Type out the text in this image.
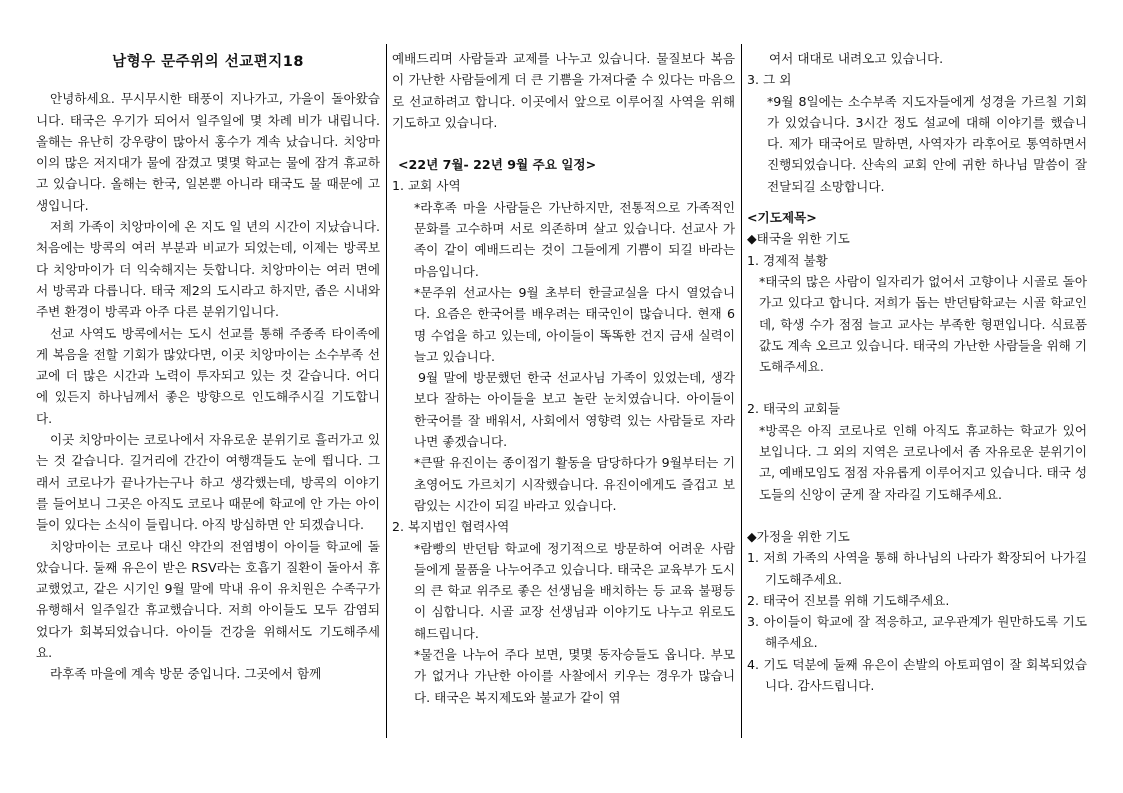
남형우 문주위의 선교편지18

안녕하세요. 무시무시한 태풍이 지나가고, 가을이 돌아왔습니다. 태국은 우기가 되어서 일주일에 몇 차례 비가 내립니다. 올해는 유난히 강우량이 많아서 홍수가 계속 났습니다. 치앙마이의 많은 저지대가 물에 잠겼고 몇몇 학교는 물에 잠겨 휴교하고 있습니다. 올해는 한국, 일본뿐 아니라 태국도 물 때문에 고생입니다.

저희 가족이 치앙마이에 온 지도 일 년의 시간이 지났습니다. 처음에는 방콕의 여러 부분과 비교가 되었는데, 이제는 방콕보다 치앙마이가 더 익숙해지는 듯합니다. 치앙마이는 여러 면에서 방콕과 다릅니다. 태국 제2의 도시라고 하지만, 좁은 시내와 주변 환경이 방콕과 아주 다른 분위기입니다.

선교 사역도 방콕에서는 도시 선교를 통해 주종족 타이족에게 복음을 전할 기회가 많았다면, 이곳 치앙마이는 소수부족 선교에 더 많은 시간과 노력이 투자되고 있는 것 같습니다. 어디에 있든지 하나님께서 좋은 방향으로 인도해주시길 기도합니다.

이곳 치앙마이는 코로나에서 자유로운 분위기로 흘러가고 있는 것 같습니다. 길거리에 간간이 여행객들도 눈에 띕니다. 그래서 코로나가 끝나가는구나 하고 생각했는데, 방콕의 이야기를 들어보니 그곳은 아직도 코로나 때문에 학교에 안 가는 아이들이 있다는 소식이 들립니다. 아직 방심하면 안 되겠습니다.

치앙마이는 코로나 대신 약간의 전염병이 아이들 학교에 돌았습니다. 둘째 유은이 받은 RSV라는 호흡기 질환이 돌아서 휴교했었고, 같은 시기인 9월 말에 막내 유이 유치원은 수족구가 유행해서 일주일간 휴교했습니다. 저희 아이들도 모두 감염되었다가 회복되었습니다. 아이들 건강을 위해서도 기도해주세요.

라후족 마을에 계속 방문 중입니다. 그곳에서 함께

예배드리며 사람들과 교제를 나누고 있습니다. 물질보다 복음이 가난한 사람들에게 더 큰 기쁨을 가져다줄 수 있다는 마음으로 선교하려고 합니다. 이곳에서 앞으로 이루어질 사역을 위해 기도하고 있습니다.

<22년 7월- 22년 9월 주요 일정>

1. 교회 사역

*라후족 마을 사람들은 가난하지만, 전통적으로 가족적인 문화를 고수하며 서로 의존하며 살고 있습니다. 선교사 가족이 같이 예배드리는 것이 그들에게 기쁨이 되길 바라는 마음입니다.

*문주위 선교사는 9월 초부터 한글교실을 다시 열었습니다. 요즘은 한국어를 배우려는 태국인이 많습니다. 현재 6명 수업을 하고 있는데, 아이들이 똑똑한 건지 금새 실력이 늘고 있습니다.

9월 말에 방문했던 한국 선교사님 가족이 있었는데, 생각보다 잘하는 아이들을 보고 놀란 눈치였습니다. 아이들이 한국어를 잘 배워서, 사회에서 영향력 있는 사람들로 자라나면 좋겠습니다.

*큰딸 유진이는 종이접기 활동을 담당하다가 9월부터는 기초영어도 가르치기 시작했습니다. 유진이에게도 즐겁고 보람있는 시간이 되길 바라고 있습니다.

2. 복지법인 협력사역

*람빵의 반던탐 학교에 정기적으로 방문하여 어려운 사람들에게 물품을 나누어주고 있습니다. 태국은 교육부가 도시의 큰 학교 위주로 좋은 선생님을 배치하는 등 교육 불평등이 심합니다. 시골 교장 선생님과 이야기도 나누고 위로도 해드립니다.

*물건을 나누어 주다 보면, 몇몇 동자승들도 옵니다. 부모가 없거나 가난한 아이를 사찰에서 키우는 경우가 많습니다. 태국은 복지제도와 불교가 같이 엮

여서 대대로 내려오고 있습니다.

3. 그 외

*9월 8일에는 소수부족 지도자들에게 성경을 가르칠 기회가 있었습니다. 3시간 정도 설교에 대해 이야기를 했습니다. 제가 태국어로 말하면, 사역자가 라후어로 통역하면서 진행되었습니다. 산속의 교회 안에 귀한 하나님 말씀이 잘 전달되길 소망합니다.

<기도제목>

◆태국을 위한 기도

1. 경제적 불황

*태국의 많은 사람이 일자리가 없어서 고향이나 시골로 돌아가고 있다고 합니다. 저희가 돕는 반던탐학교는 시골 학교인데, 학생 수가 점점 늘고 교사는 부족한 형편입니다. 식료품값도 계속 오르고 있습니다. 태국의 가난한 사람들을 위해 기도해주세요.

2. 태국의 교회들

*방콕은 아직 코로나로 인해 아직도 휴교하는 학교가 있어 보입니다. 그 외의 지역은 코로나에서 좀 자유로운 분위기이고, 예배모임도 점점 자유롭게 이루어지고 있습니다. 태국 성도들의 신앙이 굳게 잘 자라길 기도해주세요.

◆가정을 위한 기도

1. 저희 가족의 사역을 통해 하나님의 나라가 확장되어 나가길 기도해주세요.

2. 태국어 진보를 위해 기도해주세요.

3. 아이들이 학교에 잘 적응하고, 교우관계가 원만하도록 기도해주세요.

4. 기도 덕분에 둘째 유은이 손발의 아토피염이 잘 회복되었습니다. 감사드립니다.
